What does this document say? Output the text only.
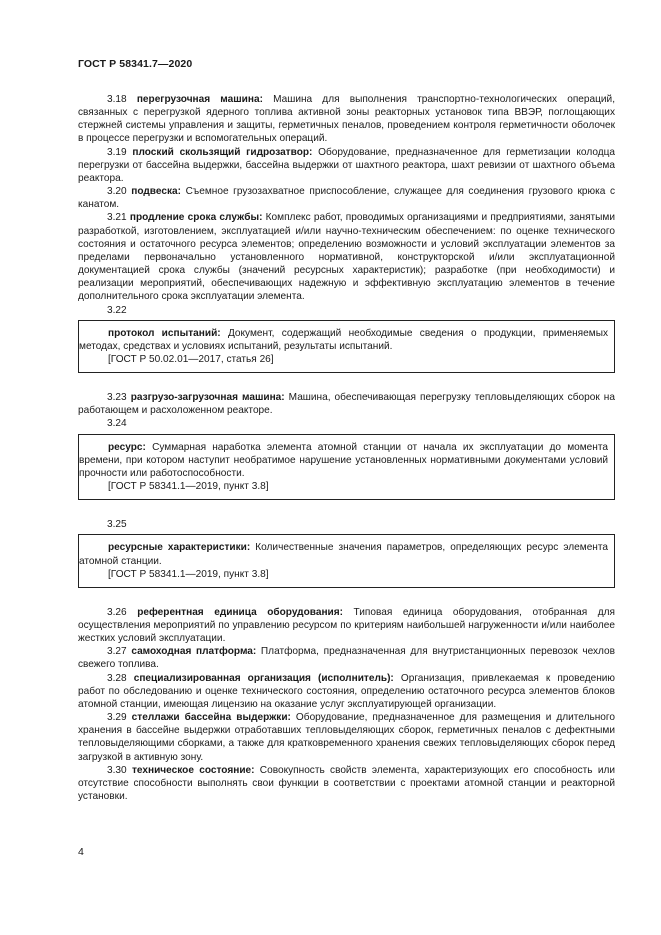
ГОСТ Р 58341.7—2020

3.18 перегрузочная машина: Машина для выполнения транспортно-технологических операций, связанных с перегрузкой ядерного топлива активной зоны реакторных установок типа ВВЭР, поглощающих стержней системы управления и защиты, герметичных пеналов, проведением контроля герметичности оболочек в процессе перегрузки и вспомогательных операций.

3.19 плоский скользящий гидрозатвор: Оборудование, предназначенное для герметизации колодца перегрузки от бассейна выдержки, бассейна выдержки от шахтного реактора, шахт ревизии от шахтного объема реактора.

3.20 подвеска: Съемное грузозахватное приспособление, служащее для соединения грузового крюка с канатом.

3.21 продление срока службы: Комплекс работ, проводимых организациями и предприятиями, занятыми разработкой, изготовлением, эксплуатацией и/или научно-техническим обеспечением: по оценке технического состояния и остаточного ресурса элементов; определению возможности и условий эксплуатации элементов за пределами первоначально установленного нормативной, конструкторской и/или эксплуатационной документацией срока службы (значений ресурсных характеристик); разработке (при необходимости) и реализации мероприятий, обеспечивающих надежную и эффективную эксплуатацию элементов в течение дополнительного срока эксплуатации элемента.

3.22

протокол испытаний: Документ, содержащий необходимые сведения о продукции, применяемых методах, средствах и условиях испытаний, результаты испытаний.

[ГОСТ Р 50.02.01—2017, статья 26]

3.23 разгрузо-загрузочная машина: Машина, обеспечивающая перегрузку тепловыделяющих сборок на работающем и расхоложенном реакторе.

3.24

ресурс: Суммарная наработка элемента атомной станции от начала их эксплуатации до момента времени, при котором наступит необратимое нарушение установленных нормативными документами условий прочности или работоспособности.

[ГОСТ Р 58341.1—2019, пункт 3.8]

3.25

ресурсные характеристики: Количественные значения параметров, определяющих ресурс элемента атомной станции.

[ГОСТ Р 58341.1—2019, пункт 3.8]

3.26 референтная единица оборудования: Типовая единица оборудования, отобранная для осуществления мероприятий по управлению ресурсом по критериям наибольшей нагруженности и/или наиболее жестких условий эксплуатации.

3.27 самоходная платформа: Платформа, предназначенная для внутристанционных перевозок чехлов свежего топлива.

3.28 специализированная организация (исполнитель): Организация, привлекаемая к проведению работ по обследованию и оценке технического состояния, определению остаточного ресурса элементов блоков атомной станции, имеющая лицензию на оказание услуг эксплуатирующей организации.

3.29 стеллажи бассейна выдержки: Оборудование, предназначенное для размещения и длительного хранения в бассейне выдержки отработавших тепловыделяющих сборок, герметичных пеналов с дефектными тепловыделяющими сборками, а также для кратковременного хранения свежих тепловыделяющих сборок перед загрузкой в активную зону.

3.30 техническое состояние: Совокупность свойств элемента, характеризующих его способность или отсутствие способности выполнять свои функции в соответствии с проектами атомной станции и реакторной установки.

4
